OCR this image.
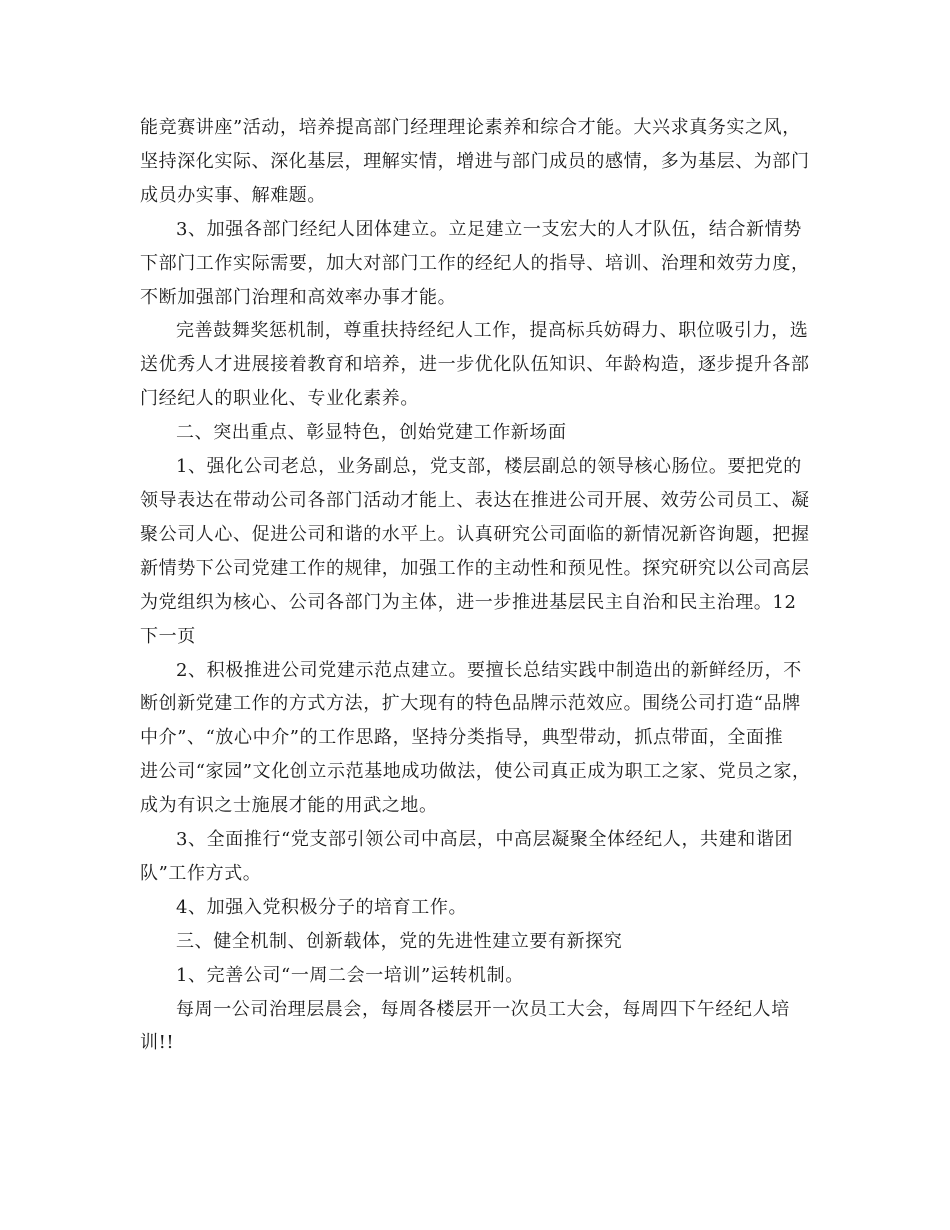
能竞赛讲座”活动，培养提高部门经理理论素养和综合才能。大兴求真务实之风，
坚持深化实际、深化基层，理解实情，增进与部门成员的感情，多为基层、为部门
成员办实事、解难题。
3、加强各部门经纪人团体建立。立足建立一支宏大的人才队伍，结合新情势
下部门工作实际需要，加大对部门工作的经纪人的指导、培训、治理和效劳力度，
不断加强部门治理和高效率办事才能。
完善鼓舞奖惩机制，尊重扶持经纪人工作，提高标兵妨碍力、职位吸引力，选
送优秀人才进展接着教育和培养，进一步优化队伍知识、年龄构造，逐步提升各部
门经纪人的职业化、专业化素养。
二、突出重点、彰显特色，创始党建工作新场面
1、强化公司老总，业务副总，党支部，楼层副总的领导核心肠位。要把党的
领导表达在带动公司各部门活动才能上、表达在推进公司开展、效劳公司员工、凝
聚公司人心、促进公司和谐的水平上。认真研究公司面临的新情况新咨询题，把握
新情势下公司党建工作的规律，加强工作的主动性和预见性。探究研究以公司高层
为党组织为核心、公司各部门为主体，进一步推进基层民主自治和民主治理。12
下一页
2、积极推进公司党建示范点建立。要擅长总结实践中制造出的新鲜经历，不
断创新党建工作的方式方法，扩大现有的特色品牌示范效应。围绕公司打造“品牌
中介”、“放心中介”的工作思路，坚持分类指导，典型带动，抓点带面，全面推
进公司“家园”文化创立示范基地成功做法，使公司真正成为职工之家、党员之家，
成为有识之士施展才能的用武之地。
3、全面推行“党支部引领公司中高层，中高层凝聚全体经纪人，共建和谐团
队”工作方式。
4、加强入党积极分子的培育工作。
三、健全机制、创新载体，党的先进性建立要有新探究
1、完善公司“一周二会一培训”运转机制。
每周一公司治理层晨会，每周各楼层开一次员工大会，每周四下午经纪人培
训!!
